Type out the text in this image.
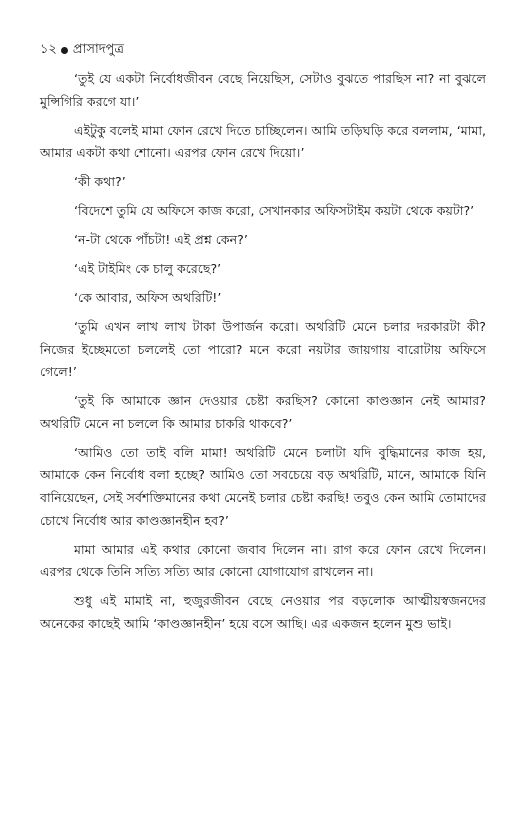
১২ প্রাসাদপুত্র

‘তুই যে একটা নির্বোধজীবন বেছে নিয়েছিস, সেটাও বুঝতে পারছিস না? না বুঝলে মুন্সিগিরি করগে যা।’

এইটুকু বলেই মামা ফোন রেখে দিতে চাচ্ছিলেন। আমি তড়িঘড়ি করে বললাম, ‘মামা, আমার একটা কথা শোনো। এরপর ফোন রেখে দিয়ো।’

‘কী কথা?’

‘বিদেশে তুমি যে অফিসে কাজ করো, সেখানকার অফিসটাইম কয়টা থেকে কয়টা?’

‘ন-টা থেকে পাঁচটা! এই প্রশ্ন কেন?’

‘এই টাইমিং কে চালু করেছে?’

‘কে আবার, অফিস অথরিটি!’

‘তুমি এখন লাখ লাখ টাকা উপার্জন করো। অথরিটি মেনে চলার দরকারটা কী? নিজের ইচ্ছেমতো চললেই তো পারো? মনে করো নয়টার জায়গায় বারোটায় অফিসে গেলে!’

‘তুই কি আমাকে জ্ঞান দেওয়ার চেষ্টা করছিস? কোনো কাণ্ডজ্ঞান নেই আমার? অথরিটি মেনে না চললে কি আমার চাকরি থাকবে?’

‘আমিও তো তাই বলি মামা! অথরিটি মেনে চলাটা যদি বুদ্ধিমানের কাজ হয়, আমাকে কেন নির্বোধ বলা হচ্ছে? আমিও তো সবচেয়ে বড় অথরিটি, মানে, আমাকে যিনি বানিয়েছেন, সেই সর্বশক্তিমানের কথা মেনেই চলার চেষ্টা করছি! তবুও কেন আমি তোমাদের চোখে নির্বোধ আর কাণ্ডজ্ঞানহীন হব?’

মামা আমার এই কথার কোনো জবাব দিলেন না। রাগ করে ফোন রেখে দিলেন। এরপর থেকে তিনি সত্যি সত্যি আর কোনো যোগাযোগ রাখলেন না।

শুধু এই মামাই না, হুজুরজীবন বেছে নেওয়ার পর বড়লোক আত্মীয়স্বজনদের অনেকের কাছেই আমি ‘কাণ্ডজ্ঞানহীন’ হয়ে বসে আছি। এর একজন হলেন মুশু ভাই।
